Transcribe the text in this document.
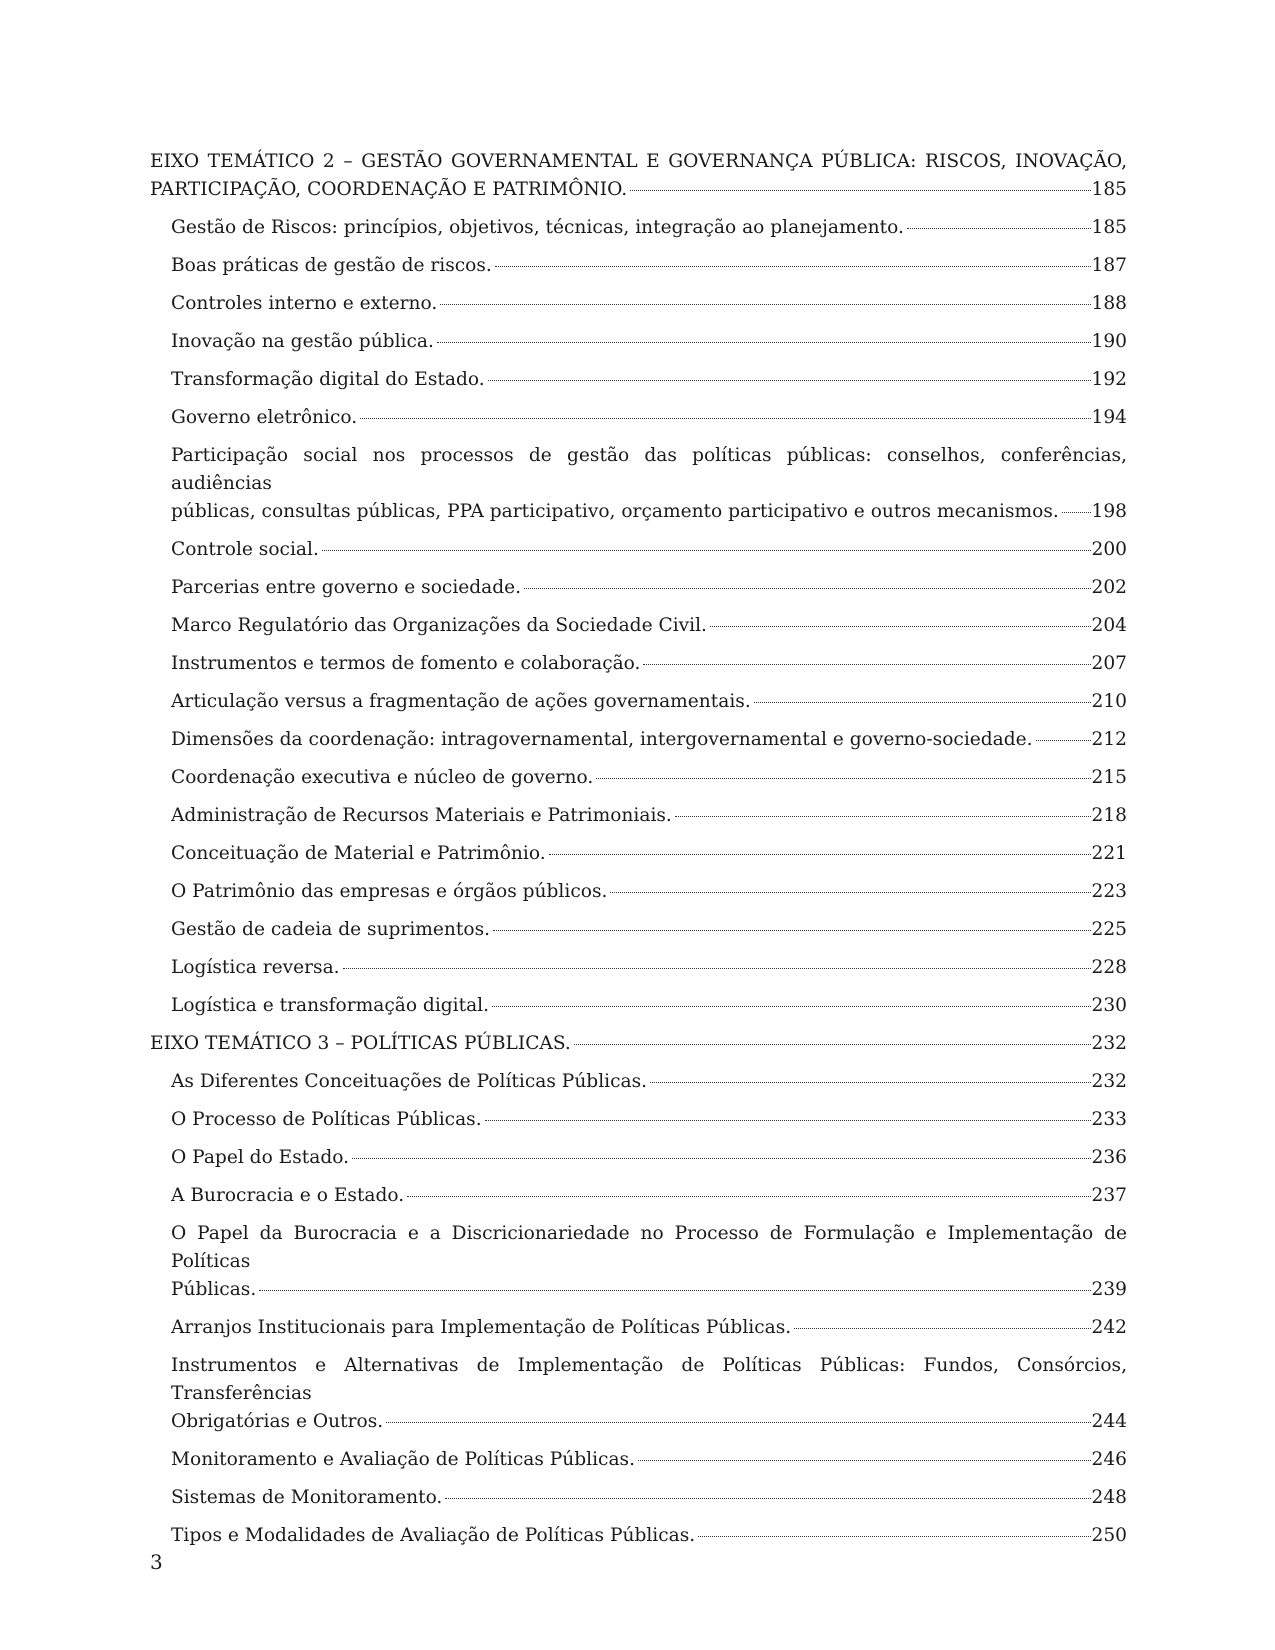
EIXO TEMÁTICO 2 – GESTÃO GOVERNAMENTAL E GOVERNANÇA PÚBLICA: RISCOS, INOVAÇÃO,
PARTICIPAÇÃO, COORDENAÇÃO E PATRIMÔNIO.	185
Gestão de Riscos: princípios, objetivos, técnicas, integração ao planejamento.	185
Boas práticas de gestão de riscos.	187
Controles interno e externo.	188
Inovação na gestão pública.	190
Transformação digital do Estado.	192
Governo eletrônico.	194
Participação social nos processos de gestão das políticas públicas: conselhos, conferências, audiências
públicas, consultas públicas, PPA participativo, orçamento participativo e outros mecanismos. 198
Controle social.	200
Parcerias entre governo e sociedade.	202
Marco Regulatório das Organizações da Sociedade Civil.	204
Instrumentos e termos de fomento e colaboração.	207
Articulação versus a fragmentação de ações governamentais.	210
Dimensões da coordenação: intragovernamental, intergovernamental e governo-sociedade.	212
Coordenação executiva e núcleo de governo.	215
Administração de Recursos Materiais e Patrimoniais.	218
Conceituação de Material e Patrimônio.	221
O Patrimônio das empresas e órgãos públicos.	223
Gestão de cadeia de suprimentos.	225
Logística reversa.	228
Logística e transformação digital.	230
EIXO TEMÁTICO 3 – POLÍTICAS PÚBLICAS.	232
As Diferentes Conceituações de Políticas Públicas.	232
O Processo de Políticas Públicas.	233
O Papel do Estado.	236
A Burocracia e o Estado.	237
O Papel da Burocracia e a Discricionariedade no Processo de Formulação e Implementação de Políticas
Públicas.	239
Arranjos Institucionais para Implementação de Políticas Públicas.	242
Instrumentos e Alternativas de Implementação de Políticas Públicas: Fundos, Consórcios, Transferências
Obrigatórias e Outros.	244
Monitoramento e Avaliação de Políticas Públicas.	246
Sistemas de Monitoramento.	248
Tipos e Modalidades de Avaliação de Políticas Públicas.	250
3
